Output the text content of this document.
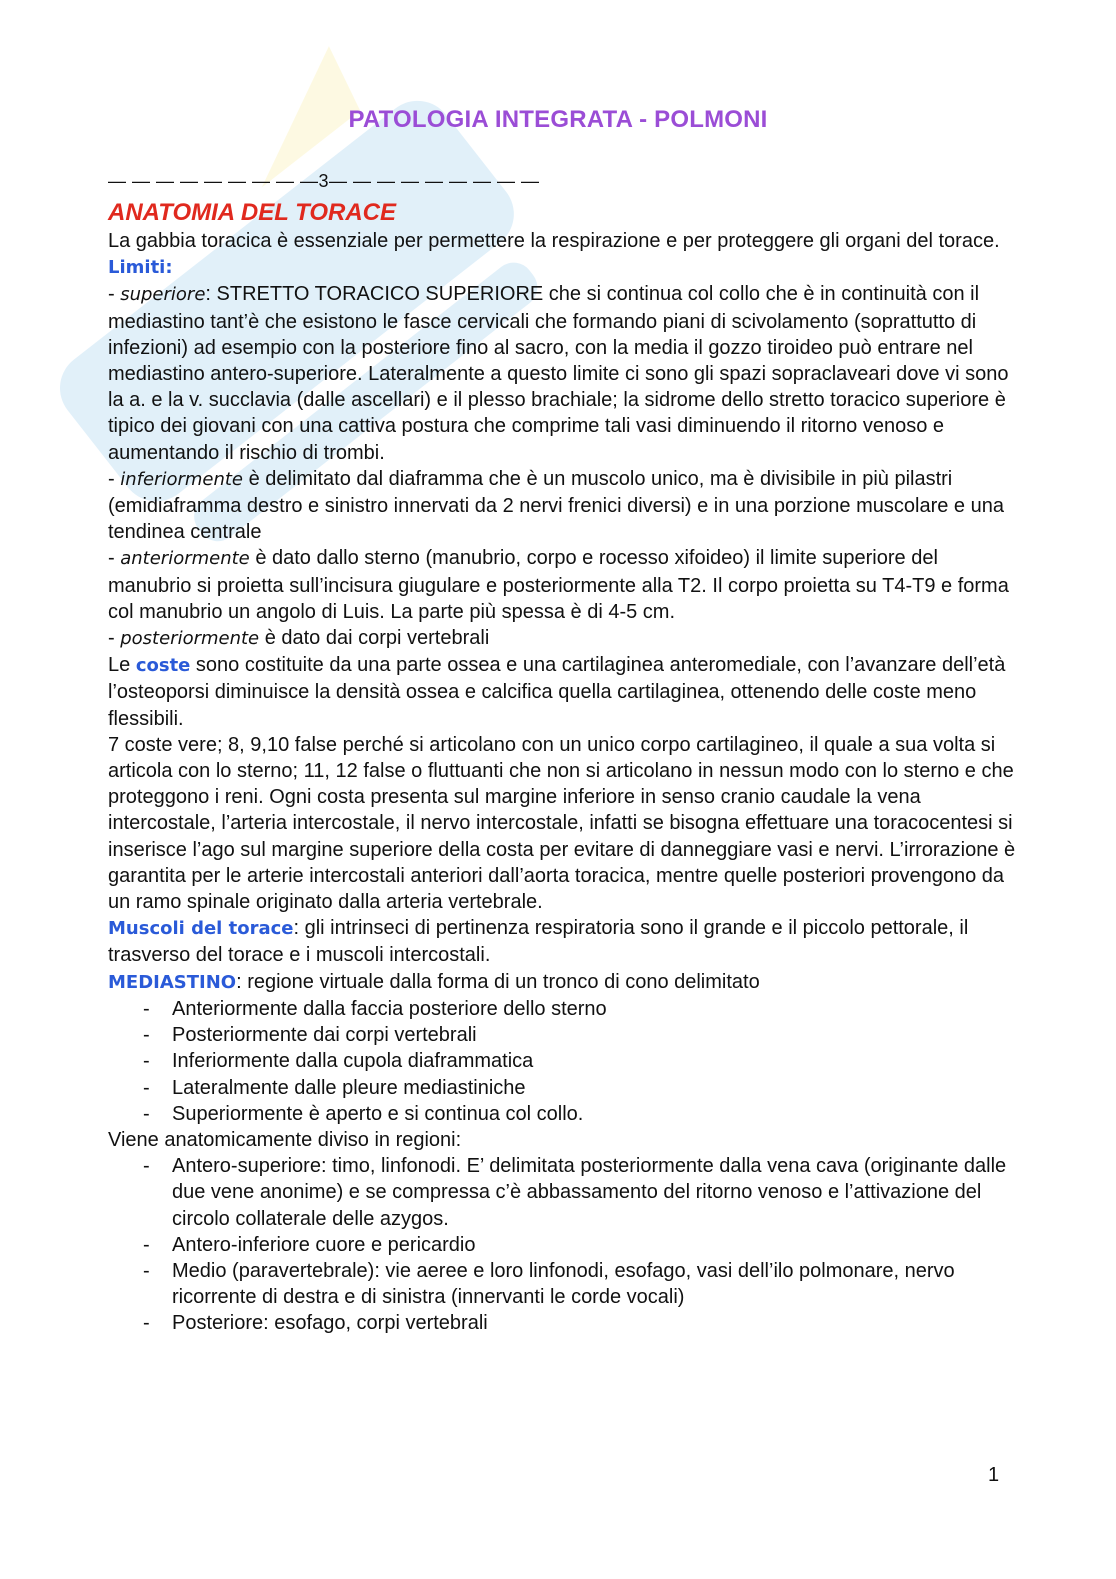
PATOLOGIA INTEGRATA - POLMONI

— — — — — — — — —3— — — — — — — — —

ANATOMIA DEL TORACE

La gabbia toracica è essenziale per permettere la respirazione e per proteggere gli organi del torace.

Limiti:

- superiore: STRETTO TORACICO SUPERIORE che si continua col collo che è in continuità con il mediastino tant’è che esistono le fasce cervicali che formando piani di scivolamento (soprattutto di infezioni) ad esempio con la posteriore fino al sacro, con la media il gozzo tiroideo può entrare nel mediastino antero-superiore. Lateralmente a questo limite ci sono gli spazi sopraclaveari dove vi sono la a. e la v. succlavia (dalle ascellari) e il plesso brachiale; la sidrome dello stretto toracico superiore è tipico dei giovani con una cattiva postura che comprime tali vasi diminuendo il ritorno venoso e aumentando il rischio di trombi.

- inferiormente è delimitato dal diaframma che è un muscolo unico, ma è divisibile in più pilastri (emidiaframma destro e sinistro innervati da 2 nervi frenici diversi) e in una porzione muscolare e una tendinea centrale

- anteriormente è dato dallo sterno (manubrio, corpo e rocesso xifoideo) il limite superiore del manubrio si proietta sull’incisura giugulare e posteriormente alla T2. Il corpo proietta su T4-T9 e forma col manubrio un angolo di Luis. La parte più spessa è di 4-5 cm.

- posteriormente è dato dai corpi vertebrali

Le coste sono costituite da una parte ossea e una cartilaginea anteromediale, con l’avanzare dell’età l’osteoporsi diminuisce la densità ossea e calcifica quella cartilaginea, ottenendo delle coste meno flessibili.

7 coste vere; 8, 9,10 false perché si articolano con un unico corpo cartilagineo, il quale a sua volta si articola con lo sterno; 11, 12 false o fluttuanti che non si articolano in nessun modo con lo sterno e che proteggono i reni. Ogni costa presenta sul margine inferiore in senso cranio caudale la vena intercostale, l’arteria intercostale, il nervo intercostale, infatti se bisogna effettuare una toracocentesi si inserisce l’ago sul margine superiore della costa per evitare di danneggiare vasi e nervi. L’irrorazione è garantita per le arterie intercostali anteriori dall’aorta toracica, mentre quelle posteriori provengono da un ramo spinale originato dalla arteria vertebrale.

Muscoli del torace: gli intrinseci di pertinenza respiratoria sono il grande e il piccolo pettorale, il trasverso del torace e i muscoli intercostali.

MEDIASTINO: regione virtuale dalla forma di un tronco di cono delimitato

- Anteriormente dalla faccia posteriore dello sterno
- Posteriormente dai corpi vertebrali
- Inferiormente dalla cupola diaframmatica
- Lateralmente dalle pleure mediastiniche
- Superiormente è aperto e si continua col collo.

Viene anatomicamente diviso in regioni:

- Antero-superiore: timo, linfonodi. E’ delimitata posteriormente dalla vena cava (originante dalle due vene anonime) e se compressa c’è abbassamento del ritorno venoso e l’attivazione del circolo collaterale delle azygos.
- Antero-inferiore cuore e pericardio
- Medio (paravertebrale): vie aeree e loro linfonodi, esofago, vasi dell’ilo polmonare, nervo ricorrente di destra e di sinistra (innervanti le corde vocali)
- Posteriore: esofago, corpi vertebrali
1
